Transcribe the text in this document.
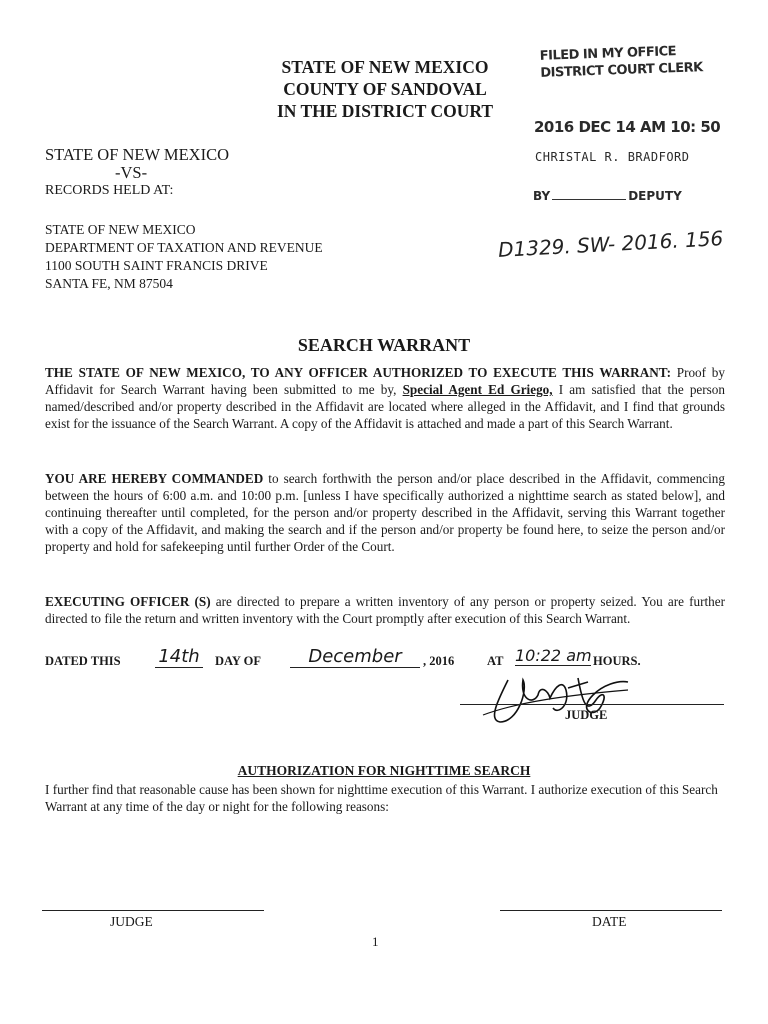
STATE OF NEW MEXICO
COUNTY OF SANDOVAL
IN THE DISTRICT COURT
FILED IN MY OFFICE
DISTRICT COURT CLERK
2016 DEC 14 AM 10: 50
CHRISTAL R. BRADFORD
BY	DEPUTY
D1329. SW- 2016. 156
STATE OF NEW MEXICO
-VS-
RECORDS HELD AT:
STATE OF NEW MEXICO
DEPARTMENT OF TAXATION AND REVENUE
1100 SOUTH SAINT FRANCIS DRIVE
SANTA FE, NM 87504
SEARCH WARRANT
THE STATE OF NEW MEXICO, TO ANY OFFICER AUTHORIZED TO EXECUTE THIS WARRANT: Proof by Affidavit for Search Warrant having been submitted to me by, Special Agent Ed Griego, I am satisfied that the person named/described and/or property described in the Affidavit are located where alleged in the Affidavit, and I find that grounds exist for the issuance of the Search Warrant. A copy of the Affidavit is attached and made a part of this Search Warrant.
YOU ARE HEREBY COMMANDED to search forthwith the person and/or place described in the Affidavit, commencing between the hours of 6:00 a.m. and 10:00 p.m. [unless I have specifically authorized a nighttime search as stated below], and continuing thereafter until completed, for the person and/or property described in the Affidavit, serving this Warrant together with a copy of the Affidavit, and making the search and if the person and/or property be found here, to seize the person and/or property and hold for safekeeping until further Order of the Court.
EXECUTING OFFICER (S) are directed to prepare a written inventory of any person or property seized. You are further directed to file the return and written inventory with the Court promptly after execution of this Search Warrant.
DATED THIS 14th DAY OF	December	, 2016	AT 10:22 am HOURS.
JUDGE
AUTHORIZATION FOR NIGHTTIME SEARCH
I further find that reasonable cause has been shown for nighttime execution of this Warrant. I authorize execution of this Search Warrant at any time of the day or night for the following reasons:
JUDGE	DATE
1
